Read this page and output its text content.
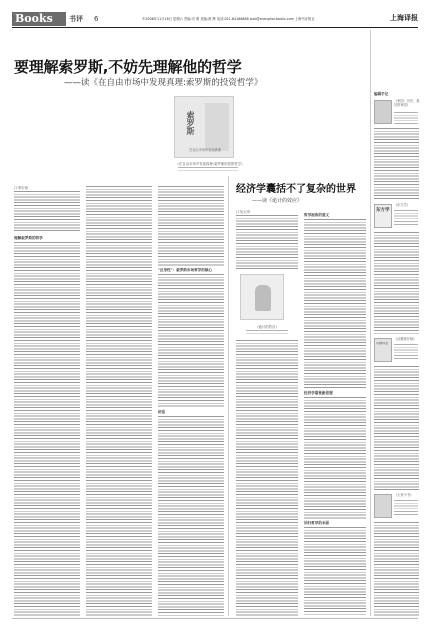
Books	书评 6	©2006年11月18日 星期六 责编:冯 明 美编:黄 辉 电话:021-64166688 jsxb@shanghai-books.com 上海书评报社	上海译报
要理解索罗斯,不妨先理解他的哲学
——读《在自由市场中发现真理:索罗斯的投资哲学》
索罗斯
在自由市场中发现真理
《在自由市场中发现真理:索罗斯的投资哲学》
口李宏伟
理解索罗斯的哲学
"反身性"：索罗斯市场哲学的核心
结语
经济学囊括不了复杂的世界
——读《诡计的效应》
口吴大华
《诡计的效应》
哲学视角的意义
经济学需要新思想
回归哲学的本原
编辑手记
《家园：历史，我们的家园》
东方学
《东方学》
从哪里开始
《从哪里开始》
《大家小书》
